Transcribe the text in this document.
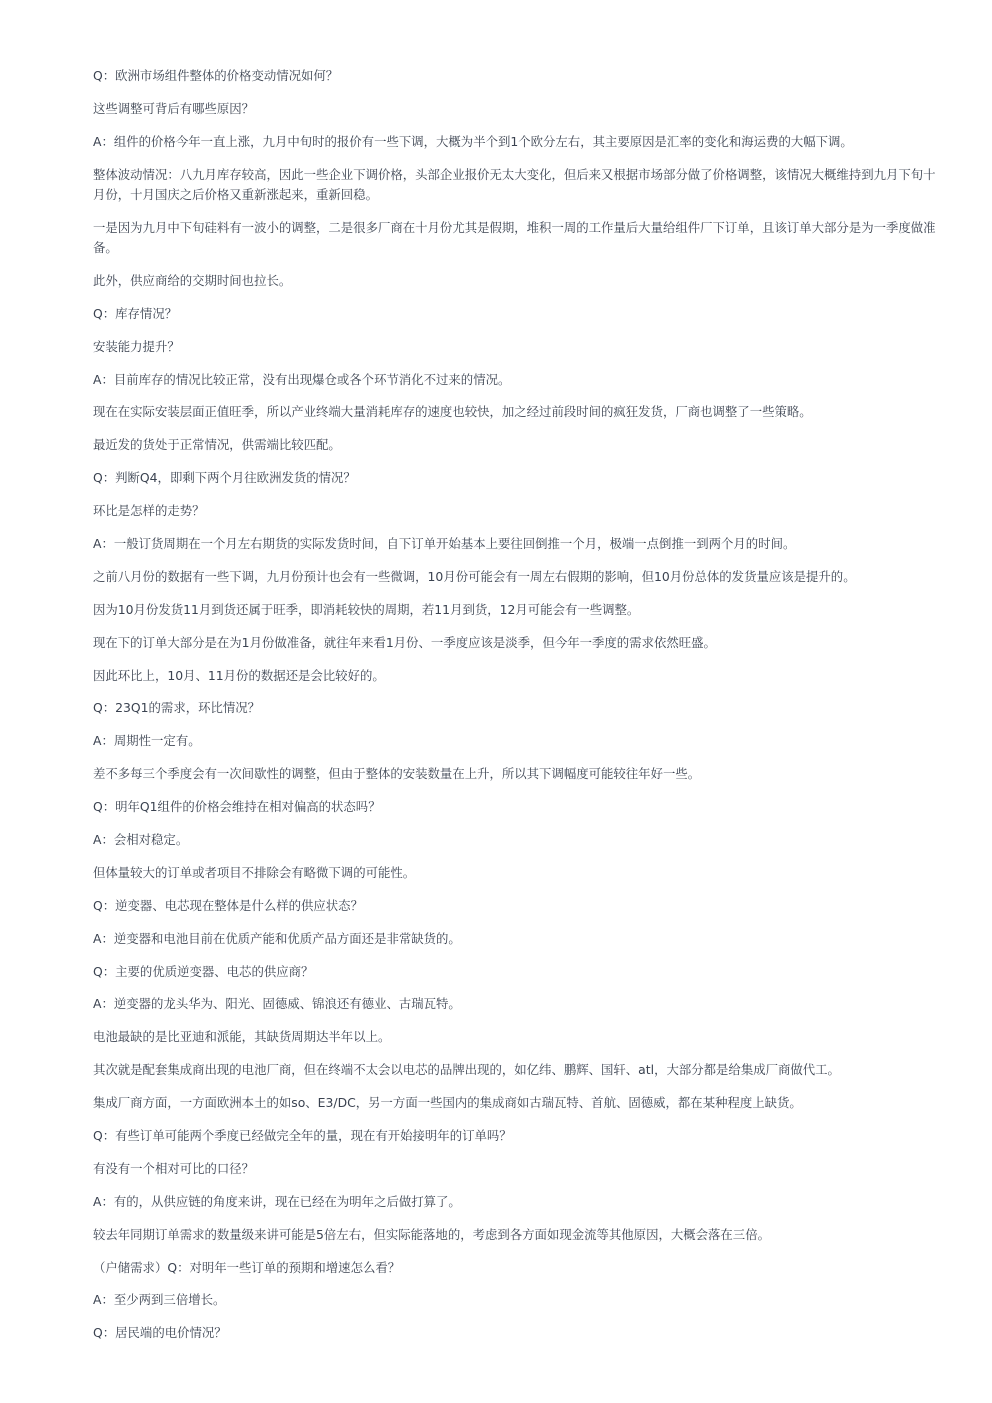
Q：欧洲市场组件整体的价格变动情况如何？

这些调整可背后有哪些原因？

A：组件的价格今年一直上涨，九月中旬时的报价有一些下调，大概为半个到1个欧分左右，其主要原因是汇率的变化和海运费的大幅下调。

整体波动情况：八九月库存较高，因此一些企业下调价格，头部企业报价无太大变化，但后来又根据市场部分做了价格调整，该情况大概维持到九月下旬十月份，十月国庆之后价格又重新涨起来，重新回稳。

一是因为九月中下旬硅料有一波小的调整，二是很多厂商在十月份尤其是假期，堆积一周的工作量后大量给组件厂下订单，且该订单大部分是为一季度做准备。

此外，供应商给的交期时间也拉长。

Q：库存情况？

安装能力提升？

A：目前库存的情况比较正常，没有出现爆仓或各个环节消化不过来的情况。

现在在实际安装层面正值旺季，所以产业终端大量消耗库存的速度也较快，加之经过前段时间的疯狂发货，厂商也调整了一些策略。

最近发的货处于正常情况，供需端比较匹配。

Q：判断Q4，即剩下两个月往欧洲发货的情况？

环比是怎样的走势？

A：一般订货周期在一个月左右期货的实际发货时间，自下订单开始基本上要往回倒推一个月，极端一点倒推一到两个月的时间。

之前八月份的数据有一些下调，九月份预计也会有一些微调，10月份可能会有一周左右假期的影响，但10月份总体的发货量应该是提升的。

因为10月份发货11月到货还属于旺季，即消耗较快的周期，若11月到货，12月可能会有一些调整。

现在下的订单大部分是在为1月份做准备，就往年来看1月份、一季度应该是淡季，但今年一季度的需求依然旺盛。

因此环比上，10月、11月份的数据还是会比较好的。

Q：23Q1的需求，环比情况？

A：周期性一定有。

差不多每三个季度会有一次间歇性的调整，但由于整体的安装数量在上升，所以其下调幅度可能较往年好一些。

Q：明年Q1组件的价格会维持在相对偏高的状态吗？

A：会相对稳定。

但体量较大的订单或者项目不排除会有略微下调的可能性。

Q：逆变器、电芯现在整体是什么样的供应状态？

A：逆变器和电池目前在优质产能和优质产品方面还是非常缺货的。

Q：主要的优质逆变器、电芯的供应商？

A：逆变器的龙头华为、阳光、固德威、锦浪还有德业、古瑞瓦特。

电池最缺的是比亚迪和派能，其缺货周期达半年以上。

其次就是配套集成商出现的电池厂商，但在终端不太会以电芯的品牌出现的，如亿纬、鹏辉、国轩、atl，大部分都是给集成厂商做代工。

集成厂商方面，一方面欧洲本土的如so、E3/DC，另一方面一些国内的集成商如古瑞瓦特、首航、固德威，都在某种程度上缺货。

Q：有些订单可能两个季度已经做完全年的量，现在有开始接明年的订单吗？

有没有一个相对可比的口径？

A：有的，从供应链的角度来讲，现在已经在为明年之后做打算了。

较去年同期订单需求的数量级来讲可能是5倍左右，但实际能落地的，考虑到各方面如现金流等其他原因，大概会落在三倍。

（户储需求）Q：对明年一些订单的预期和增速怎么看？

A：至少两到三倍增长。

Q：居民端的电价情况？
